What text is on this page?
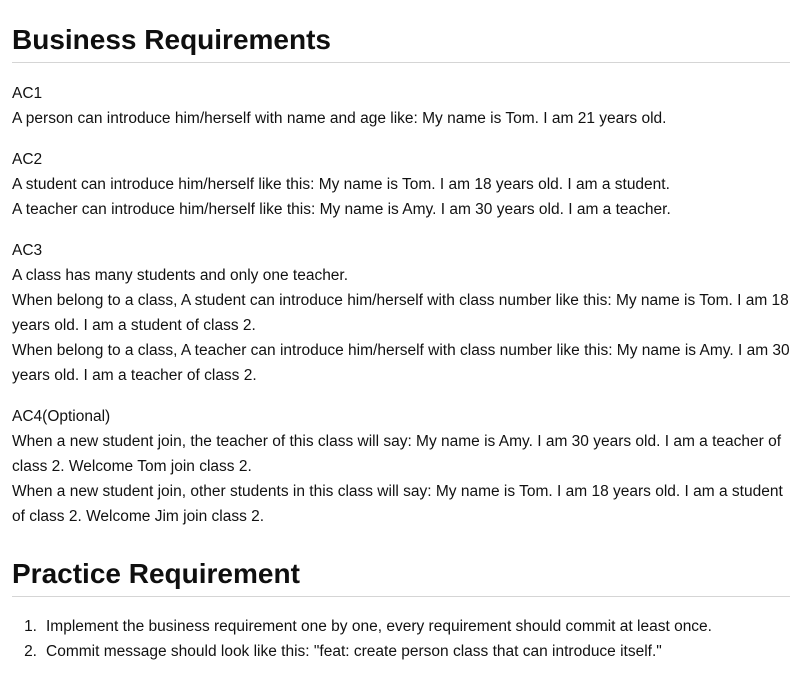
Business Requirements
AC1
A person can introduce him/herself with name and age like: My name is Tom. I am 21 years old.
AC2
A student can introduce him/herself like this: My name is Tom. I am 18 years old. I am a student.
A teacher can introduce him/herself like this: My name is Amy. I am 30 years old. I am a teacher.
AC3
A class has many students and only one teacher.
When belong to a class, A student can introduce him/herself with class number like this: My name is Tom. I am 18 years old. I am a student of class 2.
When belong to a class, A teacher can introduce him/herself with class number like this: My name is Amy. I am 30 years old. I am a teacher of class 2.
AC4(Optional)
When a new student join, the teacher of this class will say: My name is Amy. I am 30 years old. I am a teacher of class 2. Welcome Tom join class 2.
When a new student join, other students in this class will say: My name is Tom. I am 18 years old. I am a student of class 2. Welcome Jim join class 2.
Practice Requirement
1. Implement the business requirement one by one, every requirement should commit at least once.
2. Commit message should look like this: "feat: create person class that can introduce itself."
